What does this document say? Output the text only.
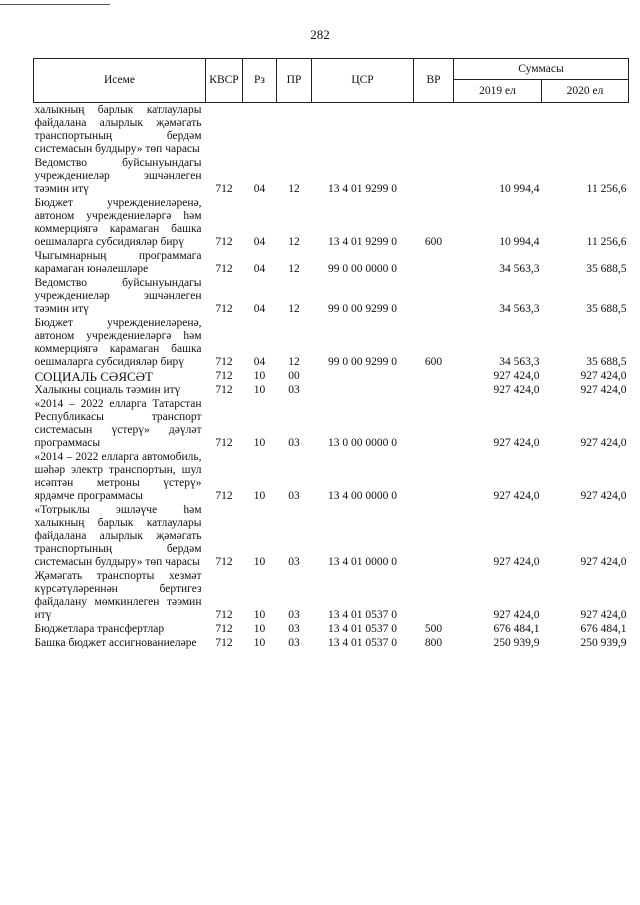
282
Исеме	КВСР	Рз	ПР	ЦСР	ВР	Суммасы	
						2019 ел	2020 ел
халыкның барлык катлаулары файдалана алырлык җәмәгать транспортының бердәм системасын булдыру» төп чарасы							
Ведомство буйсынуындагы учреждениеләр эшчәнлеген тәэмин итү	712	04	12	13 4 01 9299 0		10 994,4	11 256,6
Бюджет учреждениеләренә, автоном учреждениеләргә һәм коммерциягә карамаган башка оешмаларга субсидияләр бирү	712	04	12	13 4 01 9299 0	600	10 994,4	11 256,6
Чыгымнарның программага карамаган юнәлешләре	712	04	12	99 0 00 0000 0		34 563,3	35 688,5
Ведомство буйсынуындагы учреждениеләр эшчәнлеген тәэмин итү	712	04	12	99 0 00 9299 0		34 563,3	35 688,5
Бюджет учреждениеләренә, автоном учреждениеләргә һәм коммерциягә карамаган башка оешмаларга субсидияләр бирү	712	04	12	99 0 00 9299 0	600	34 563,3	35 688,5
СОЦИАЛЬ СӘЯСӘТ	712	10	00			927 424,0	927 424,0
Халыкны социаль тәэмин итү	712	10	03			927 424,0	927 424,0
«2014 – 2022 елларга Татарстан Республикасы транспорт системасын үстерү» дәүләт программасы	712	10	03	13 0 00 0000 0		927 424,0	927 424,0
«2014 – 2022 елларга автомобиль, шәһәр электр транспортын, шул исәптән метроны үстерү» ярдәмче программасы	712	10	03	13 4 00 0000 0		927 424,0	927 424,0
«Тотрыклы эшләүче һәм халыкның барлык катлаулары файдалана алырлык җәмәгать транспортының бердәм системасын булдыру» төп чарасы	712	10	03	13 4 01 0000 0		927 424,0	927 424,0
Җәмәгать транспорты хезмәт күрсәтүләреннән бертигез файдалану мөмкинлеген тәэмин итү	712	10	03	13 4 01 0537 0		927 424,0	927 424,0
Бюджетлара трансфертлар	712	10	03	13 4 01 0537 0	500	676 484,1	676 484,1
Башка бюджет ассигнованиеләре	712	10	03	13 4 01 0537 0	800	250 939,9	250 939,9
